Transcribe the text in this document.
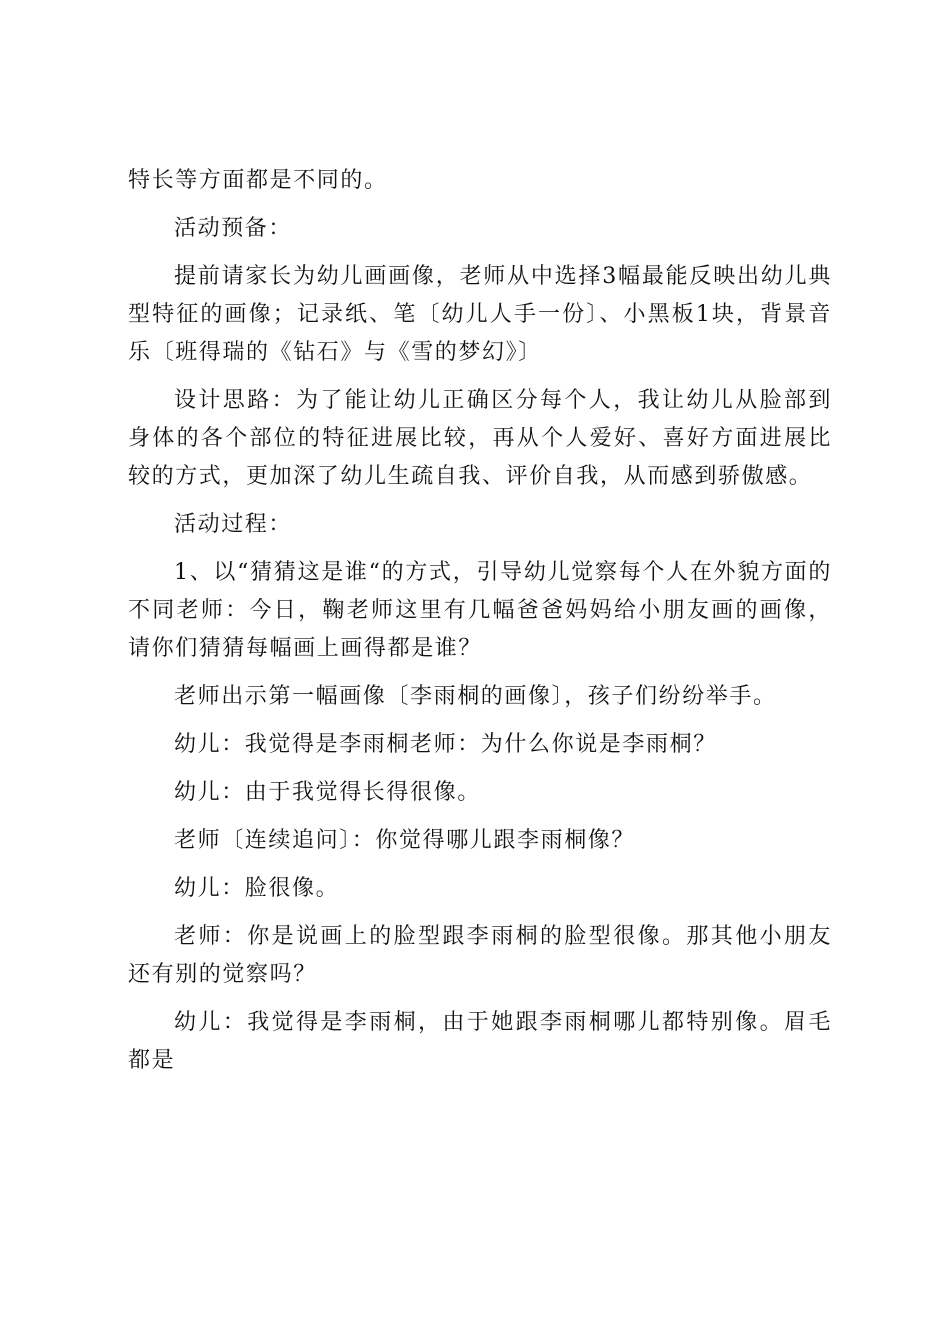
特长等方面都是不同的。

活动预备：

提前请家长为幼儿画画像，老师从中选择3幅最能反映出幼儿典型特征的画像；记录纸、笔〔幼儿人手一份〕、小黑板1块，背景音乐〔班得瑞的《钻石》与《雪的梦幻》〕

设计思路：为了能让幼儿正确区分每个人，我让幼儿从脸部到身体的各个部位的特征进展比较，再从个人爱好、喜好方面进展比较的方式，更加深了幼儿生疏自我、评价自我，从而感到骄傲感。

活动过程：

1、以“猜猜这是谁“的方式，引导幼儿觉察每个人在外貌方面的不同老师：今日，鞠老师这里有几幅爸爸妈妈给小朋友画的画像，请你们猜猜每幅画上画得都是谁？

老师出示第一幅画像〔李雨桐的画像〕，孩子们纷纷举手。

幼儿：我觉得是李雨桐老师：为什么你说是李雨桐？

幼儿：由于我觉得长得很像。

老师〔连续追问〕：你觉得哪儿跟李雨桐像？

幼儿：脸很像。

老师：你是说画上的脸型跟李雨桐的脸型很像。那其他小朋友还有别的觉察吗？

幼儿：我觉得是李雨桐，由于她跟李雨桐哪儿都特别像。眉毛都是
